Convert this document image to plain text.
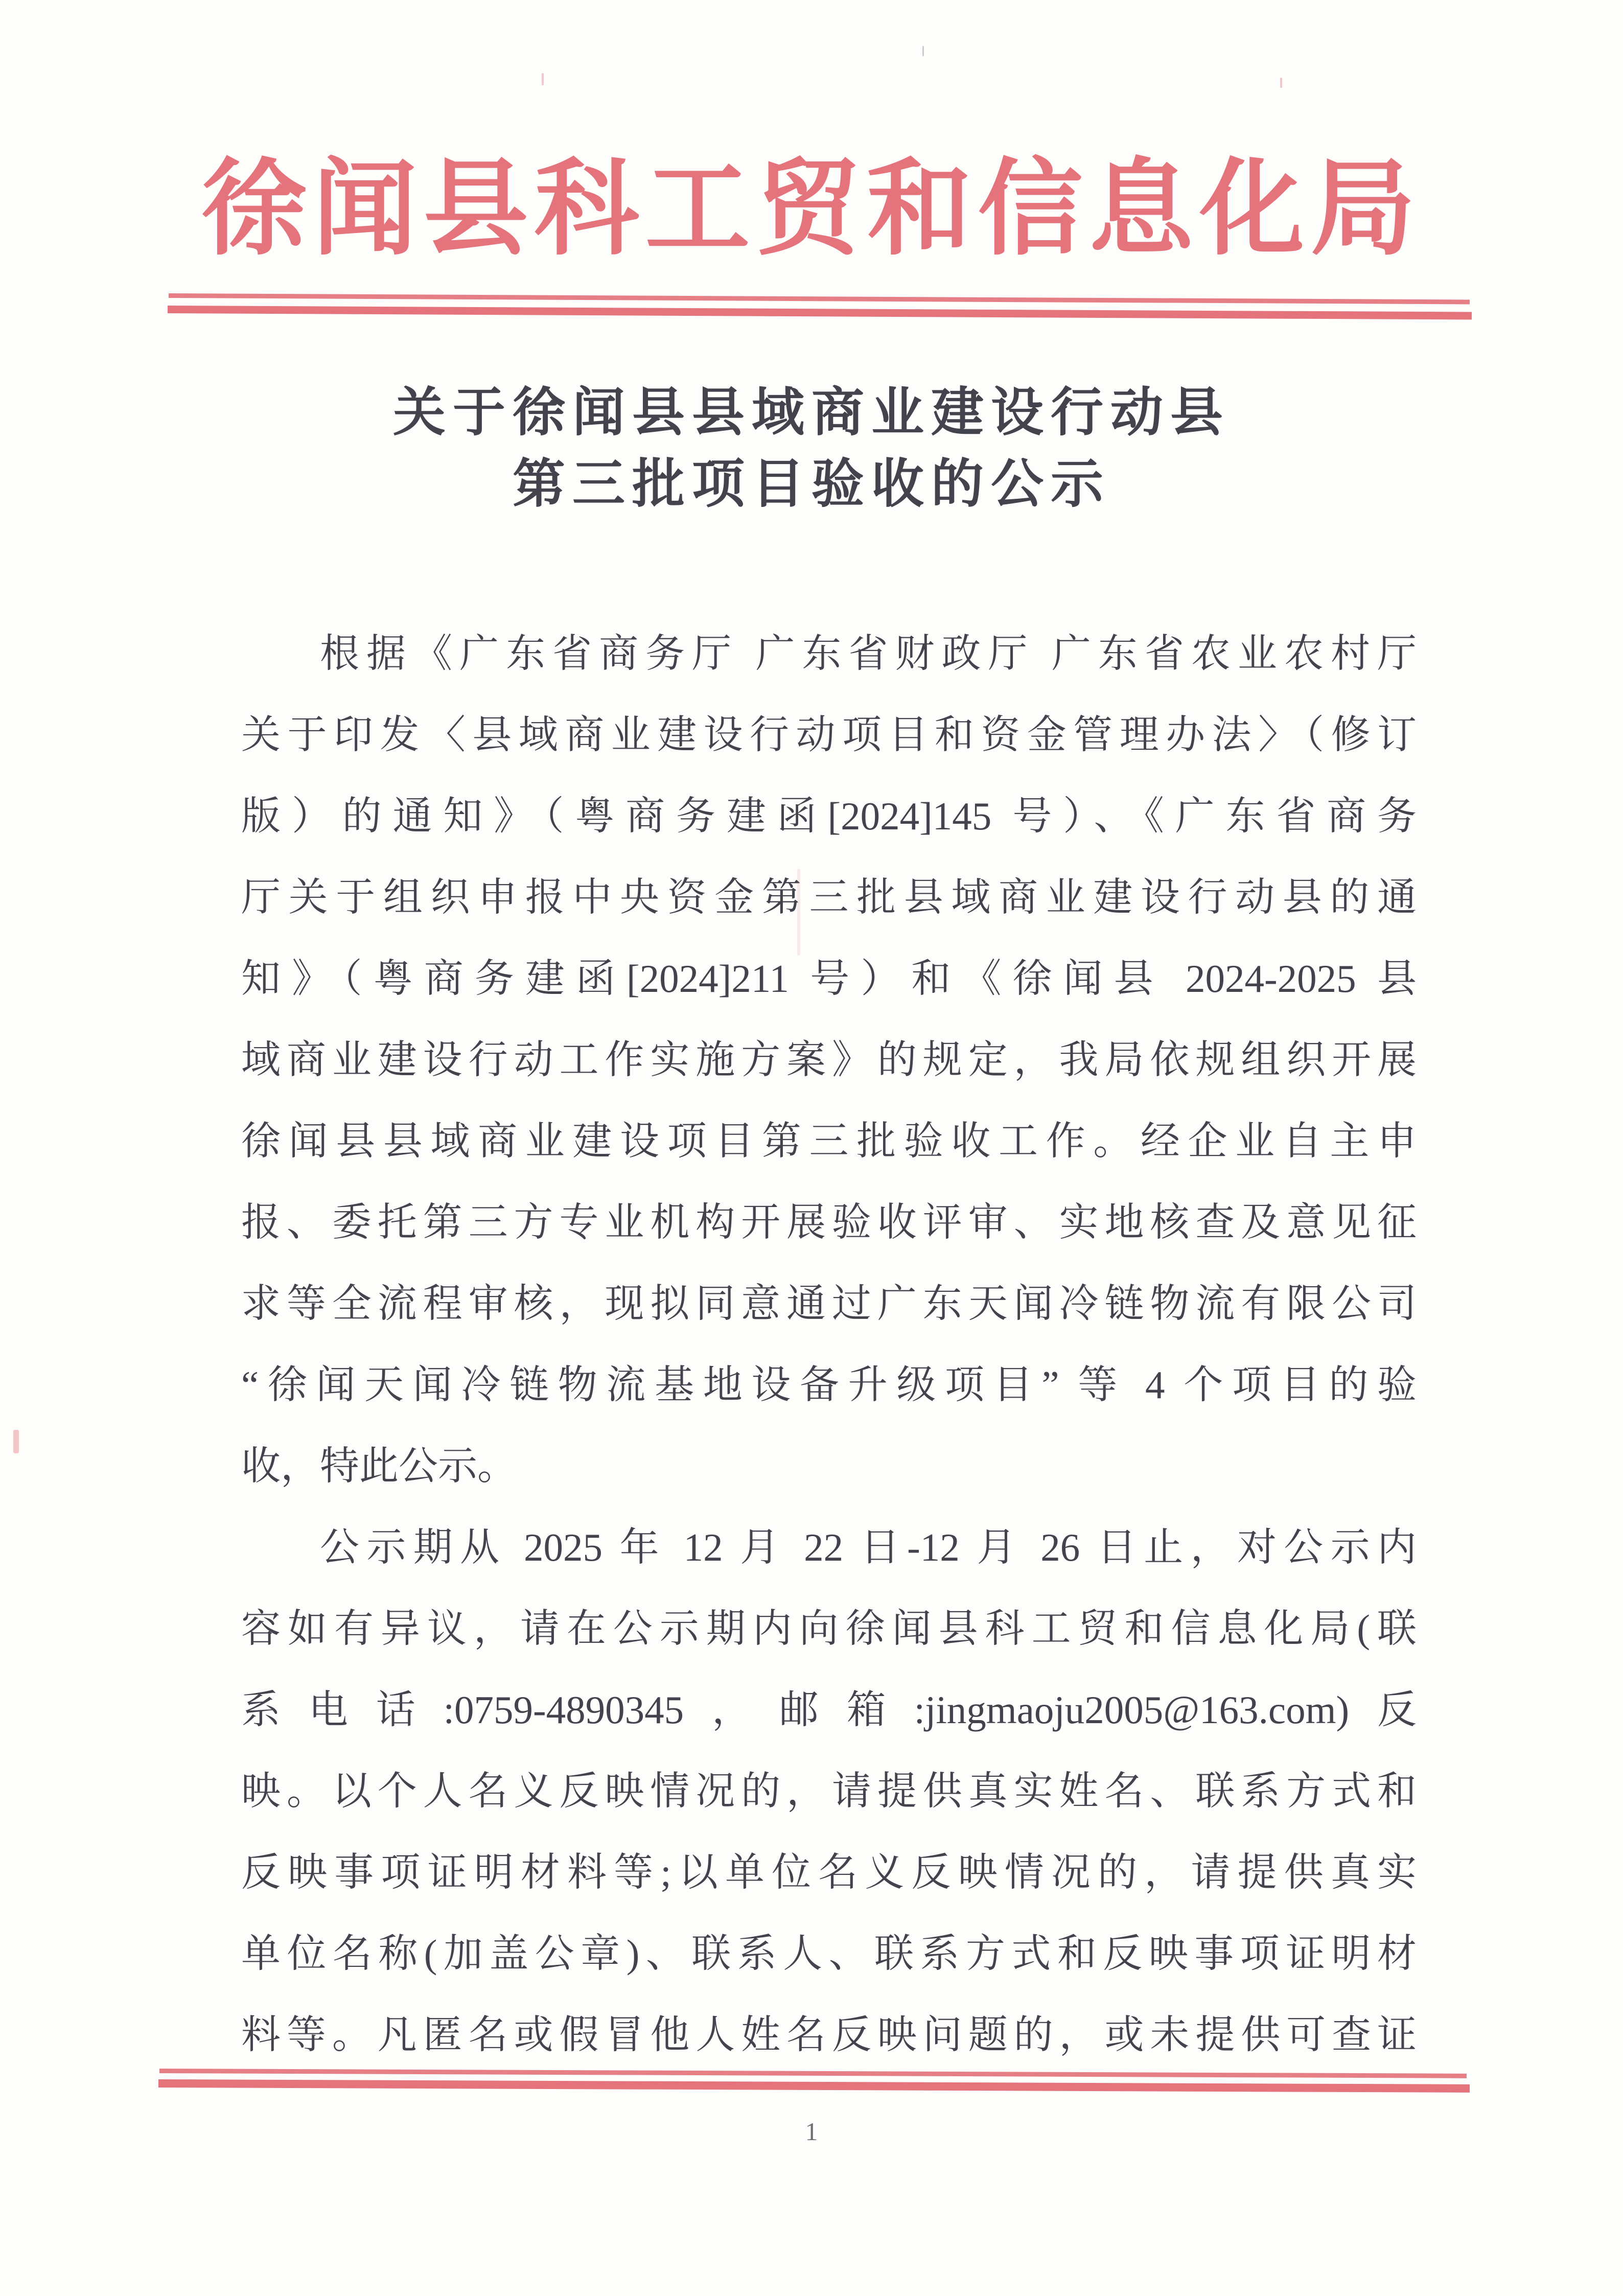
徐闻县科工贸和信息化局
关于徐闻县县域商业建设行动县
第三批项目验收的公示
根据《广东省商务厅 广东省财政厅 广东省农业农村厅
关于印发〈县域商业建设行动项目和资金管理办法〉（修订
版）的通知》（粤商务建函[2024]145 号）、《广东省商务
厅关于组织申报中央资金第三批县域商业建设行动县的通
知》（粤商务建函[2024]211 号）和《徐闻县 2024-2025 县
域商业建设行动工作实施方案》的规定，我局依规组织开展
徐闻县县域商业建设项目第三批验收工作。经企业自主申
报、委托第三方专业机构开展验收评审、实地核查及意见征
求等全流程审核，现拟同意通过广东天闻冷链物流有限公司
“徐闻天闻冷链物流基地设备升级项目” 等 4 个项目的验
收，特此公示。
公示期从 2025 年 12 月 22 日-12 月 26 日止，对公示内
容如有异议，请在公示期内向徐闻县科工贸和信息化局(联
系电话:0759-4890345，邮箱:jingmaoju2005@163.com)反
映。以个人名义反映情况的，请提供真实姓名、联系方式和
反映事项证明材料等;以单位名义反映情况的，请提供真实
单位名称(加盖公章)、联系人、联系方式和反映事项证明材
料等。凡匿名或假冒他人姓名反映问题的，或未提供可查证
1
